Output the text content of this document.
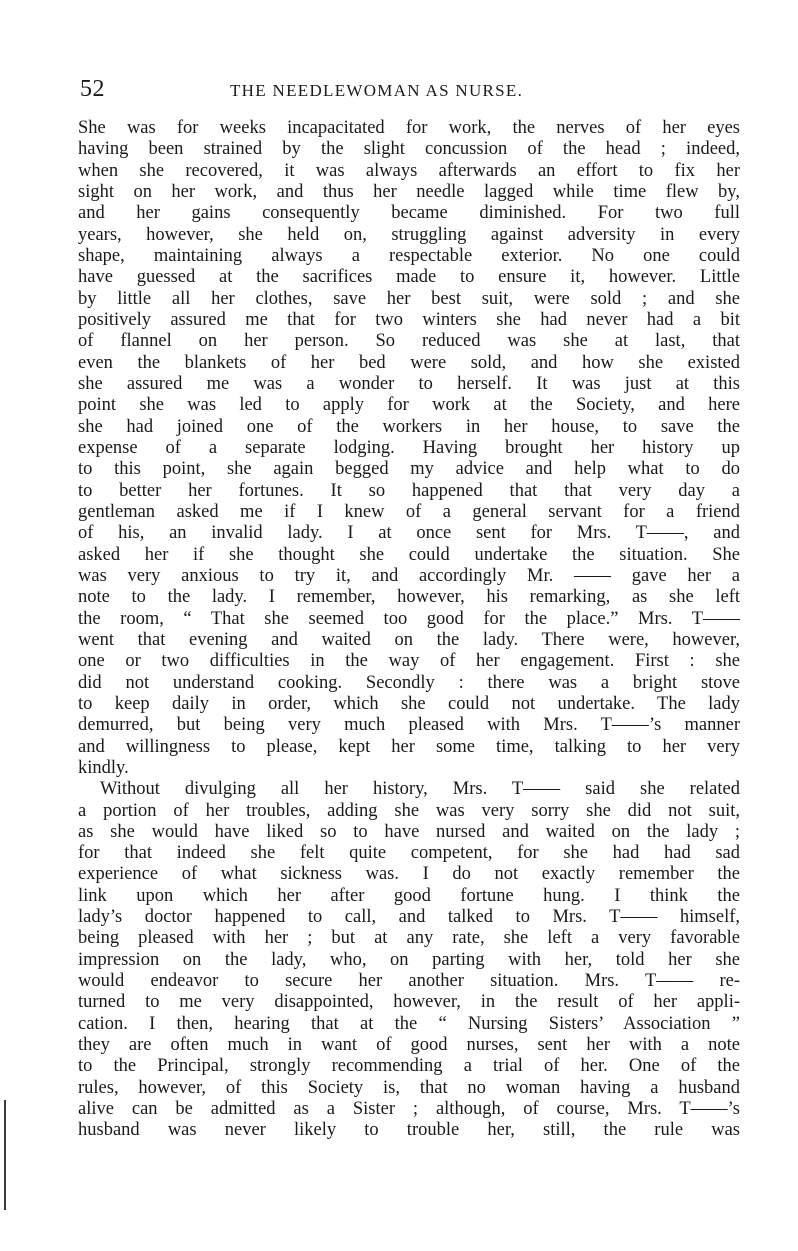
52	THE NEEDLEWOMAN AS NURSE.
She was for weeks incapacitated for work, the nerves of her eyes
having been strained by the slight concussion of the head ; indeed,
when she recovered, it was always afterwards an effort to fix her
sight on her work, and thus her needle lagged while time flew by,
and her gains consequently became diminished. For two full
years, however, she held on, struggling against adversity in every
shape, maintaining always a respectable exterior. No one could
have guessed at the sacrifices made to ensure it, however. Little
by little all her clothes, save her best suit, were sold ; and she
positively assured me that for two winters she had never had a bit
of flannel on her person. So reduced was she at last, that
even the blankets of her bed were sold, and how she existed
she assured me was a wonder to herself. It was just at this
point she was led to apply for work at the Society, and here
she had joined one of the workers in her house, to save the
expense of a separate lodging. Having brought her history up
to this point, she again begged my advice and help what to do
to better her fortunes. It so happened that that very day a
gentleman asked me if I knew of a general servant for a friend
of his, an invalid lady. I at once sent for Mrs. T——, and
asked her if she thought she could undertake the situation. She
was very anxious to try it, and accordingly Mr. —— gave her a
note to the lady. I remember, however, his remarking, as she left
the room, “ That she seemed too good for the place.” Mrs. T——
went that evening and waited on the lady. There were, however,
one or two difficulties in the way of her engagement. First : she
did not understand cooking. Secondly : there was a bright stove
to keep daily in order, which she could not undertake. The lady
demurred, but being very much pleased with Mrs. T——’s manner
and willingness to please, kept her some time, talking to her very
kindly.
Without divulging all her history, Mrs. T—— said she related
a portion of her troubles, adding she was very sorry she did not suit,
as she would have liked so to have nursed and waited on the lady ;
for that indeed she felt quite competent, for she had had sad
experience of what sickness was. I do not exactly remember the
link upon which her after good fortune hung. I think the
lady’s doctor happened to call, and talked to Mrs. T—— himself,
being pleased with her ; but at any rate, she left a very favorable
impression on the lady, who, on parting with her, told her she
would endeavor to secure her another situation. Mrs. T—— re-
turned to me very disappointed, however, in the result of her appli-
cation. I then, hearing that at the “ Nursing Sisters’ Association ”
they are often much in want of good nurses, sent her with a note
to the Principal, strongly recommending a trial of her. One of the
rules, however, of this Society is, that no woman having a husband
alive can be admitted as a Sister ; although, of course, Mrs. T——’s
husband was never likely to trouble her, still, the rule was
